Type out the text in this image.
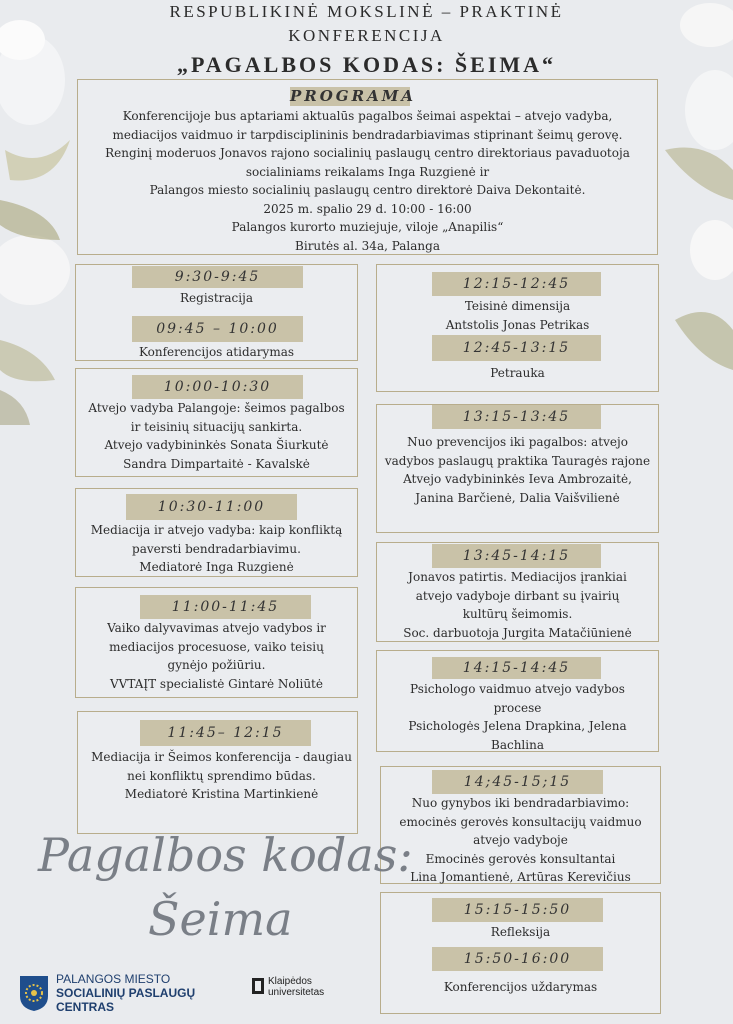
RESPUBLIKINĖ MOKSLINĖ – PRAKTINĖ
KONFERENCIJA
„PAGALBOS KODAS: ŠEIMA“
PROGRAMA
Konferencijoje bus aptariami aktualūs pagalbos šeimai aspektai – atvejo vadyba,
mediacijos vaidmuo ir tarpdisciplininis bendradarbiavimas stiprinant šeimų gerovę.
Renginį moderuos Jonavos rajono socialinių paslaugų centro direktoriaus pavaduotoja
socialiniams reikalams Inga Ruzgienė ir
Palangos miesto socialinių paslaugų centro direktorė Daiva Dekontaitė.
2025 m. spalio 29 d. 10:00 - 16:00
Palangos kurorto muziejuje, viloje „Anapilis“
Birutės al. 34a, Palanga
9:30-9:45
Registracija
09:45 – 10:00
Konferencijos atidarymas
10:00-10:30
Atvejo vadyba Palangoje: šeimos pagalbos
ir teisinių situacijų sankirta.
Atvejo vadybininkės Sonata Šiurkutė
Sandra Dimpartaitė - Kavalskė
10:30-11:00
Mediacija ir atvejo vadyba: kaip konfliktą
paversti bendradarbiavimu.
Mediatorė Inga Ruzgienė
11:00-11:45
Vaiko dalyvavimas atvejo vadybos ir
mediacijos procesuose, vaiko teisių
gynėjo požiūriu.
VVTAĮT specialistė Gintarė Noliūtė
11:45– 12:15
Mediacija ir Šeimos konferencija - daugiau
nei konfliktų sprendimo būdas.
Mediatorė Kristina Martinkienė
12:15-12:45
Teisinė dimensija
Antstolis Jonas Petrikas
12:45-13:15
Petrauka
13:15-13:45
Nuo prevencijos iki pagalbos: atvejo
vadybos paslaugų praktika Tauragės rajone
Atvejo vadybininkės Ieva Ambrozaitė,
Janina Barčienė, Dalia Vaišvilienė
13:45-14:15
Jonavos patirtis. Mediacijos įrankiai
atvejo vadyboje dirbant su įvairių
kultūrų šeimomis.
Soc. darbuotoja Jurgita Matačiūnienė
14:15-14:45
Psichologo vaidmuo atvejo vadybos
procese
Psichologės Jelena Drapkina, Jelena
Bachlina
14;45-15;15
Nuo gynybos iki bendradarbiavimo:
emocinės gerovės konsultacijų vaidmuo
atvejo vadyboje
Emocinės gerovės konsultantai
Lina Jomantienė, Artūras Kerevičius
15:15-15:50
Refleksija
15:50-16:00
Konferencijos uždarymas
Pagalbos kodas:
Šeima
PALANGOS MIESTO
SOCIALINIŲ PASLAUGŲ
CENTRAS
Klaipėdos
universitetas
